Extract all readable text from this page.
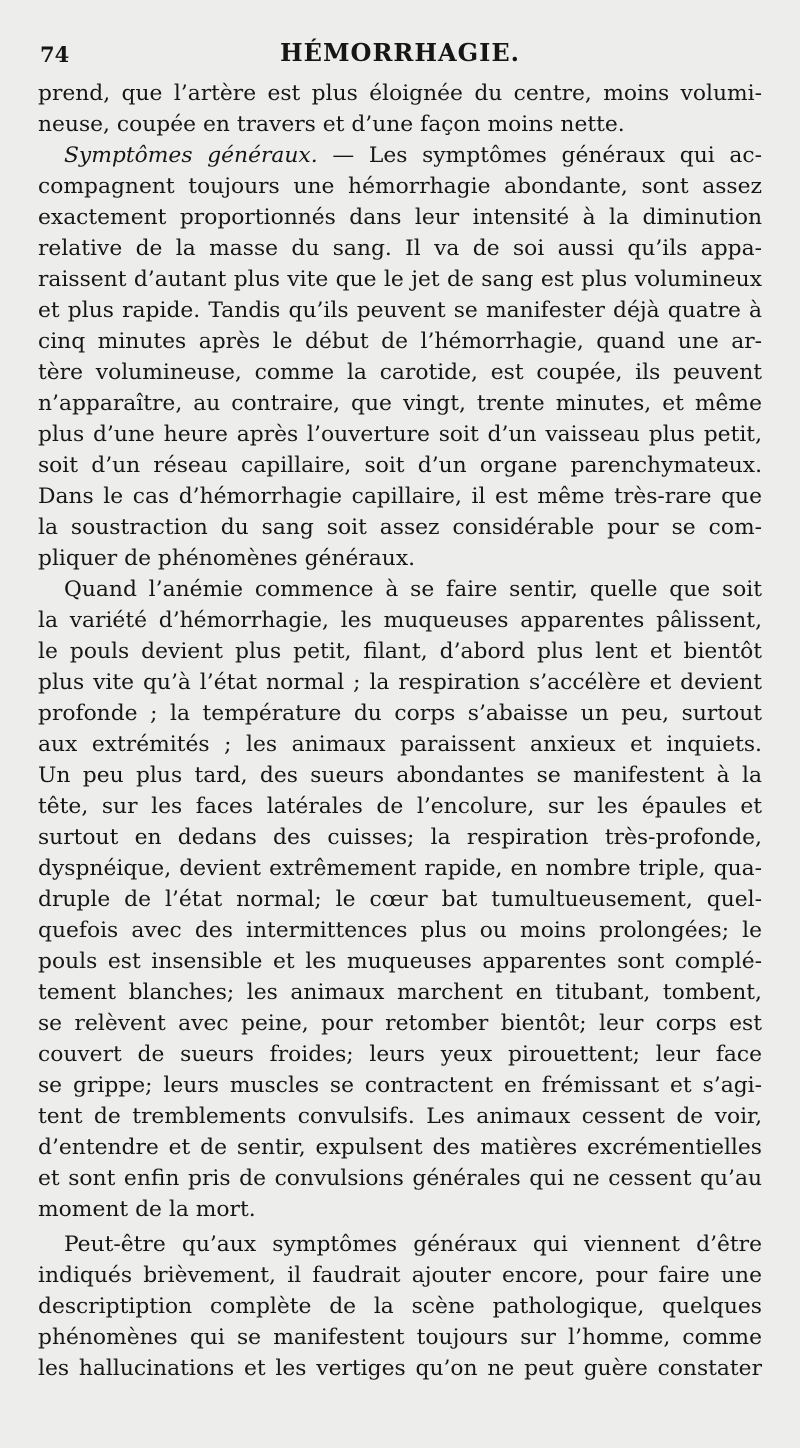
74	HÉMORRHAGIE.
prend, que l’artère est plus éloignée du centre, moins volumi-
neuse, coupée en travers et d’une façon moins nette.
Symptômes généraux. — Les symptômes généraux qui ac-
compagnent toujours une hémorrhagie abondante, sont assez
exactement proportionnés dans leur intensité à la diminution
relative de la masse du sang. Il va de soi aussi qu’ils appa-
raissent d’autant plus vite que le jet de sang est plus volumineux
et plus rapide. Tandis qu’ils peuvent se manifester déjà quatre à
cinq minutes après le début de l’hémorrhagie, quand une ar-
tère volumineuse, comme la carotide, est coupée, ils peuvent
n’apparaître, au contraire, que vingt, trente minutes, et même
plus d’une heure après l’ouverture soit d’un vaisseau plus petit,
soit d’un réseau capillaire, soit d’un organe parenchymateux.
Dans le cas d’hémorrhagie capillaire, il est même très-rare que
la soustraction du sang soit assez considérable pour se com-
pliquer de phénomènes généraux.
Quand l’anémie commence à se faire sentir, quelle que soit
la variété d’hémorrhagie, les muqueuses apparentes pâlissent,
le pouls devient plus petit, filant, d’abord plus lent et bientôt
plus vite qu’à l’état normal ; la respiration s’accélère et devient
profonde ; la température du corps s’abaisse un peu, surtout
aux extrémités ; les animaux paraissent anxieux et inquiets.
Un peu plus tard, des sueurs abondantes se manifestent à la
tête, sur les faces latérales de l’encolure, sur les épaules et
surtout en dedans des cuisses; la respiration très-profonde,
dyspnéique, devient extrêmement rapide, en nombre triple, qua-
druple de l’état normal; le cœur bat tumultueusement, quel-
quefois avec des intermittences plus ou moins prolongées; le
pouls est insensible et les muqueuses apparentes sont complé-
tement blanches; les animaux marchent en titubant, tombent,
se relèvent avec peine, pour retomber bientôt; leur corps est
couvert de sueurs froides; leurs yeux pirouettent; leur face
se grippe; leurs muscles se contractent en frémissant et s’agi-
tent de tremblements convulsifs. Les animaux cessent de voir,
d’entendre et de sentir, expulsent des matières excrémentielles
et sont enfin pris de convulsions générales qui ne cessent qu’au
moment de la mort.
Peut-être qu’aux symptômes généraux qui viennent d’être
indiqués brièvement, il faudrait ajouter encore, pour faire une
descriptiption complète de la scène pathologique, quelques
phénomènes qui se manifestent toujours sur l’homme, comme
les hallucinations et les vertiges qu’on ne peut guère constater
